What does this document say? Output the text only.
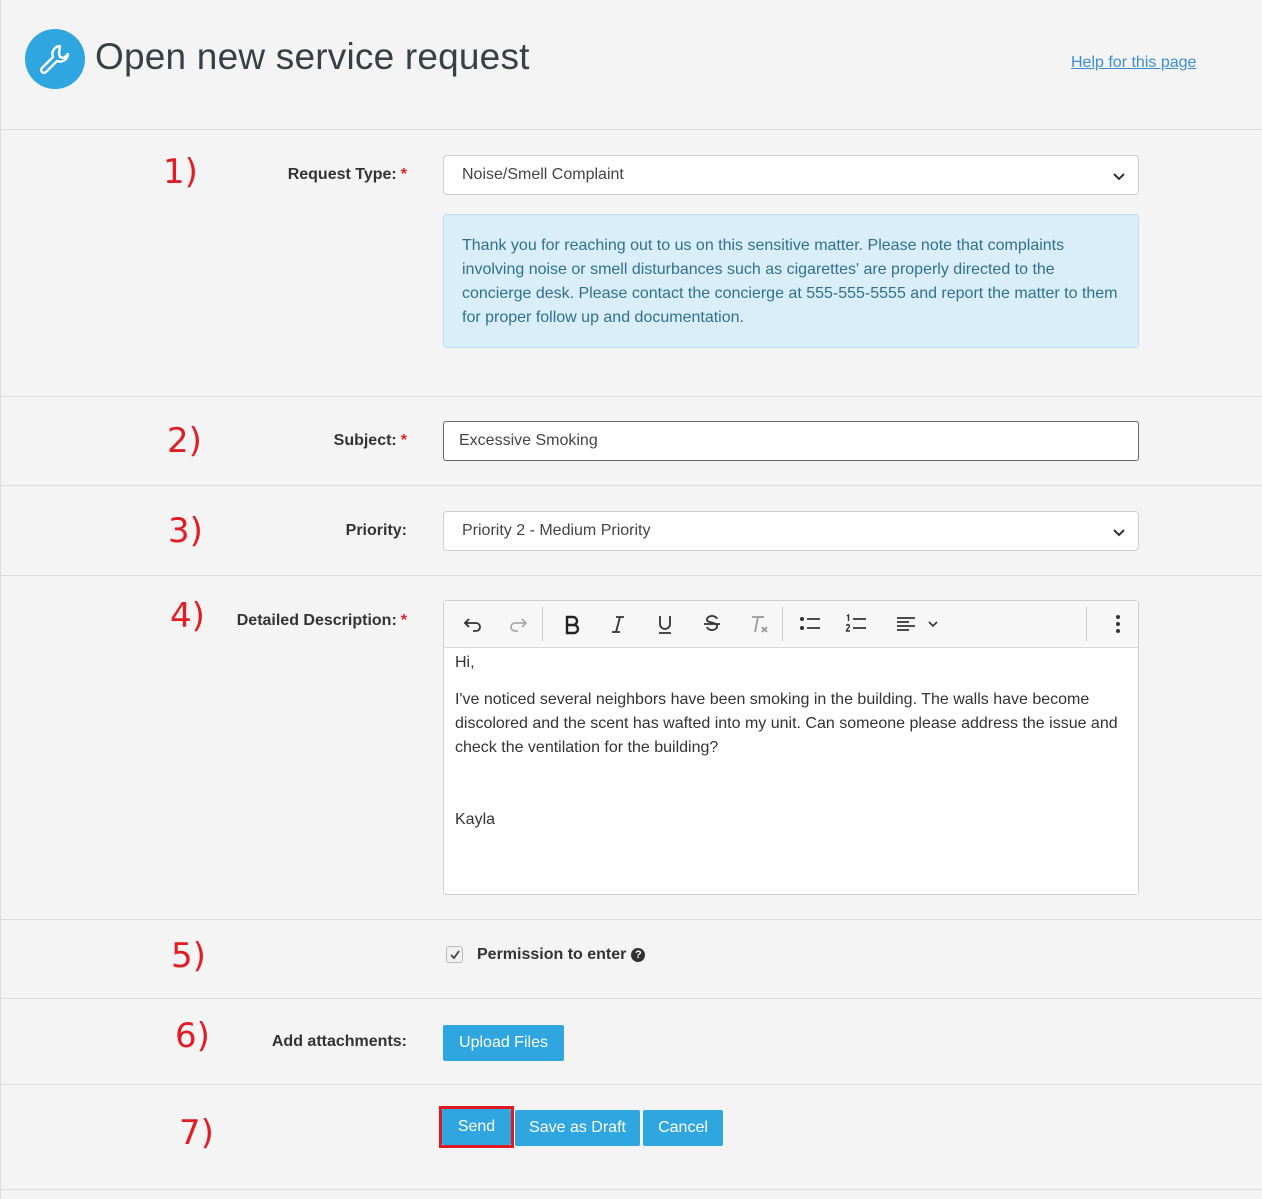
Open new service request	Help for this page
1)	Request Type: *	Noise/Smell Complaint
Thank you for reaching out to us on this sensitive matter. Please note that complaints involving noise or smell disturbances such as cigarettes' are properly directed to the concierge desk. Please contact the concierge at 555-555-5555 and report the matter to them for proper follow up and documentation.
2)	Subject: *	Excessive Smoking
3)	Priority:	Priority 2 - Medium Priority
4) Detailed Description: *

Hi,

I've noticed several neighbors have been smoking in the building. The walls have become discolored and the scent has wafted into my unit. Can someone please address the issue and check the ventilation for the building?

Kayla

5)	Permission to enter ?
6)	Add attachments:	Upload Files
7)	Send	Save as Draft	Cancel
